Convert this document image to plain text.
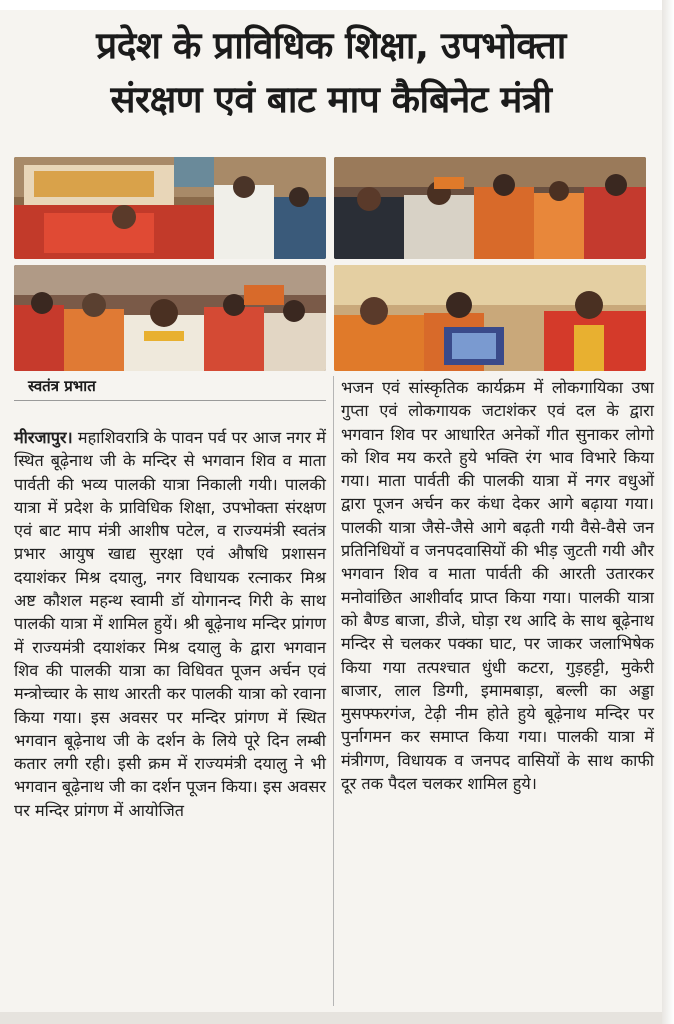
प्रदेश के प्राविधिक शिक्षा, उपभोक्ता
संरक्षण एवं बाट माप कैबिनेट मंत्री
स्वतंत्र प्रभात
मीरजापुर। महाशिवरात्रि के पावन पर्व पर आज नगर में स्थित बूढ़ेनाथ जी के मन्दिर से भगवान शिव व माता पार्वती की भव्य पालकी यात्रा निकाली गयी। पालकी यात्रा में प्रदेश के प्राविधिक शिक्षा, उपभोक्ता संरक्षण एवं बाट माप मंत्री आशीष पटेल, व राज्यमंत्री स्वतंत्र प्रभार आयुष खाद्य सुरक्षा एवं औषधि प्रशासन दयाशंकर मिश्र दयालु, नगर विधायक रत्नाकर मिश्र अष्ट कौशल महन्थ स्वामी डॉ योगानन्द गिरी के साथ पालकी यात्रा में शामिल हुयें। श्री बूढ़ेनाथ मन्दिर प्रांगण में राज्यमंत्री दयाशंकर मिश्र दयालु के द्वारा भगवान शिव की पालकी यात्रा का विधिवत पूजन अर्चन एवं मन्त्रोच्चार के साथ आरती कर पालकी यात्रा को रवाना किया गया। इस अवसर पर मन्दिर प्रांगण में स्थित भगवान बूढ़ेनाथ जी के दर्शन के लिये पूरे दिन लम्बी कतार लगी रही। इसी क्रम में राज्यमंत्री दयालु ने भी भगवान बूढ़ेनाथ जी का दर्शन पूजन किया। इस अवसर पर मन्दिर प्रांगण में आयोजित
भजन एवं सांस्कृतिक कार्यक्रम में लोकगायिका उषा गुप्ता एवं लोकगायक जटाशंकर एवं दल के द्वारा भगवान शिव पर आधारित अनेकों गीत सुनाकर लोगो को शिव मय करते हुये भक्ति रंग भाव विभारे किया गया। माता पार्वती की पालकी यात्रा में नगर वधुओं द्वारा पूजन अर्चन कर कंधा देकर आगे बढ़ाया गया। पालकी यात्रा जैसे-जैसे आगे बढ़ती गयी वैसे-वैसे जन प्रतिनिधियों व जनपदवासियों की भीड़ जुटती गयी और भगवान शिव व माता पार्वती की आरती उतारकर मनोवांछित आशीर्वाद प्राप्त किया गया। पालकी यात्रा को बैण्ड बाजा, डीजे, घोड़ा रथ आदि के साथ बूढ़ेनाथ मन्दिर से चलकर पक्का घाट, पर जाकर जलाभिषेक किया गया तत्पश्चात धुंधी कटरा, गुड़हट्टी, मुकेरी बाजार, लाल डिग्गी, इमामबाड़ा, बल्ली का अड्डा मुसफ्फरगंज, टेढ़ी नीम होते हुये बूढ़ेनाथ मन्दिर पर पुर्नागमन कर समाप्त किया गया। पालकी यात्रा में मंत्रीगण, विधायक व जनपद वासियों के साथ काफी दूर तक पैदल चलकर शामिल हुये।
